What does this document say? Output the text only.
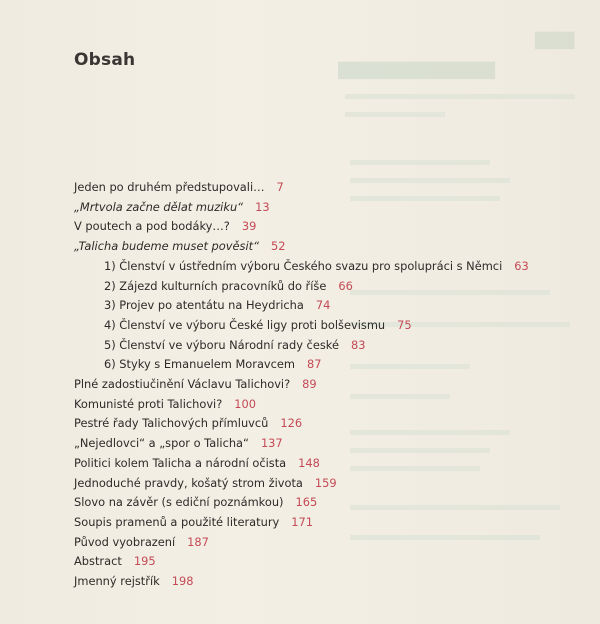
▇▇▇
▇▇▇▇▇▇▇▇▇▇▇▇
Obsah
Jeden po druhém předstupovali… 7
„Mrtvola začne dělat muziku“ 13
V poutech a pod bodáky…? 39
„Talicha budeme muset pověsit“ 52
1) Členství v ústředním výboru Českého svazu pro spolupráci s Němci 63
2) Zájezd kulturních pracovníků do říše 66
3) Projev po atentátu na Heydricha 74
4) Členství ve výboru České ligy proti bolševismu 75
5) Členství ve výboru Národní rady české 83
6) Styky s Emanuelem Moravcem 87
Plné zadostiučinění Václavu Talichovi? 89
Komunisté proti Talichovi? 100
Pestré řady Talichových přímluvců 126
„Nejedlovci“ a „spor o Talicha“ 137
Politici kolem Talicha a národní očista 148
Jednoduché pravdy, košatý strom života 159
Slovo na závěr (s ediční poznámkou) 165
Soupis pramenů a použité literatury 171
Původ vyobrazení 187
Abstract 195
Jmenný rejstřík 198
